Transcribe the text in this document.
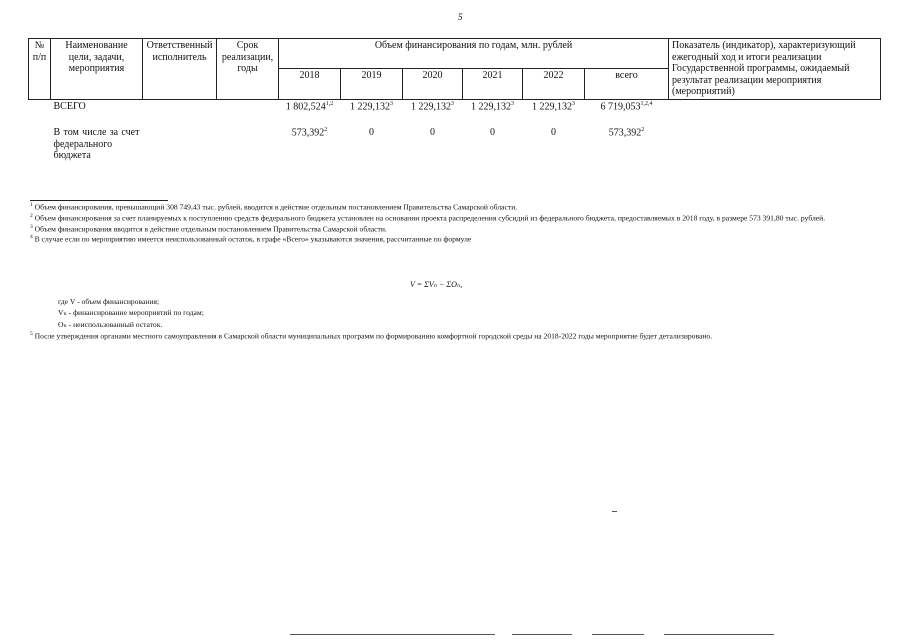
5
№ п/п	Наименование цели, задачи, мероприятия	Ответственный исполнитель	Срок реализации, годы	Объем финансирования по годам, млн. рублей						Показатель (индикатор), характеризующий ежегодный ход и итоги реализации Государственной программы, ожидаемый результат реализации мероприятия (мероприятий)
				2018	2019	2020	2021	2022	всего	
	ВСЕГО			1 802,524$^{1,2}$	1 229,132$^3$	1 229,132$^3$	1 229,132$^3$	1 229,132$^3$	6 719,053$^{1,2,4}$	
	В том числе за счет федерального бюджета			573,392$^2$	0	0	0	0	573,392$^2$	

$^1$ Объем финансирования, превышающий 308 749,43 тыс. рублей, вводится в действие отдельным постановлением Правительства Самарской области.

$^2$ Объем финансирования за счет планируемых к поступлению средств федерального бюджета установлен на основании проекта распределения субсидий из федерального бюджета, предоставляемых в 2018 году, в размере 573 391,80 тыс. рублей.

$^3$ Объем финансирования вводится в действие отдельным постановлением Правительства Самарской области.

$^4$ В случае если по мероприятию имеется неиспользованный остаток, в графе «Всего» указываются значения, рассчитанные по формуле

V = ΣVₙ − ΣOₙ,

где V - объем финансирования;

Vₙ - финансирование мероприятий по годам;

Oₙ - неиспользованный остаток.

$^5$ После утверждения органами местного самоуправления в Самарской области муниципальных программ по формированию комфортной городской среды на 2018-2022 годы мероприятие будет детализировано.
